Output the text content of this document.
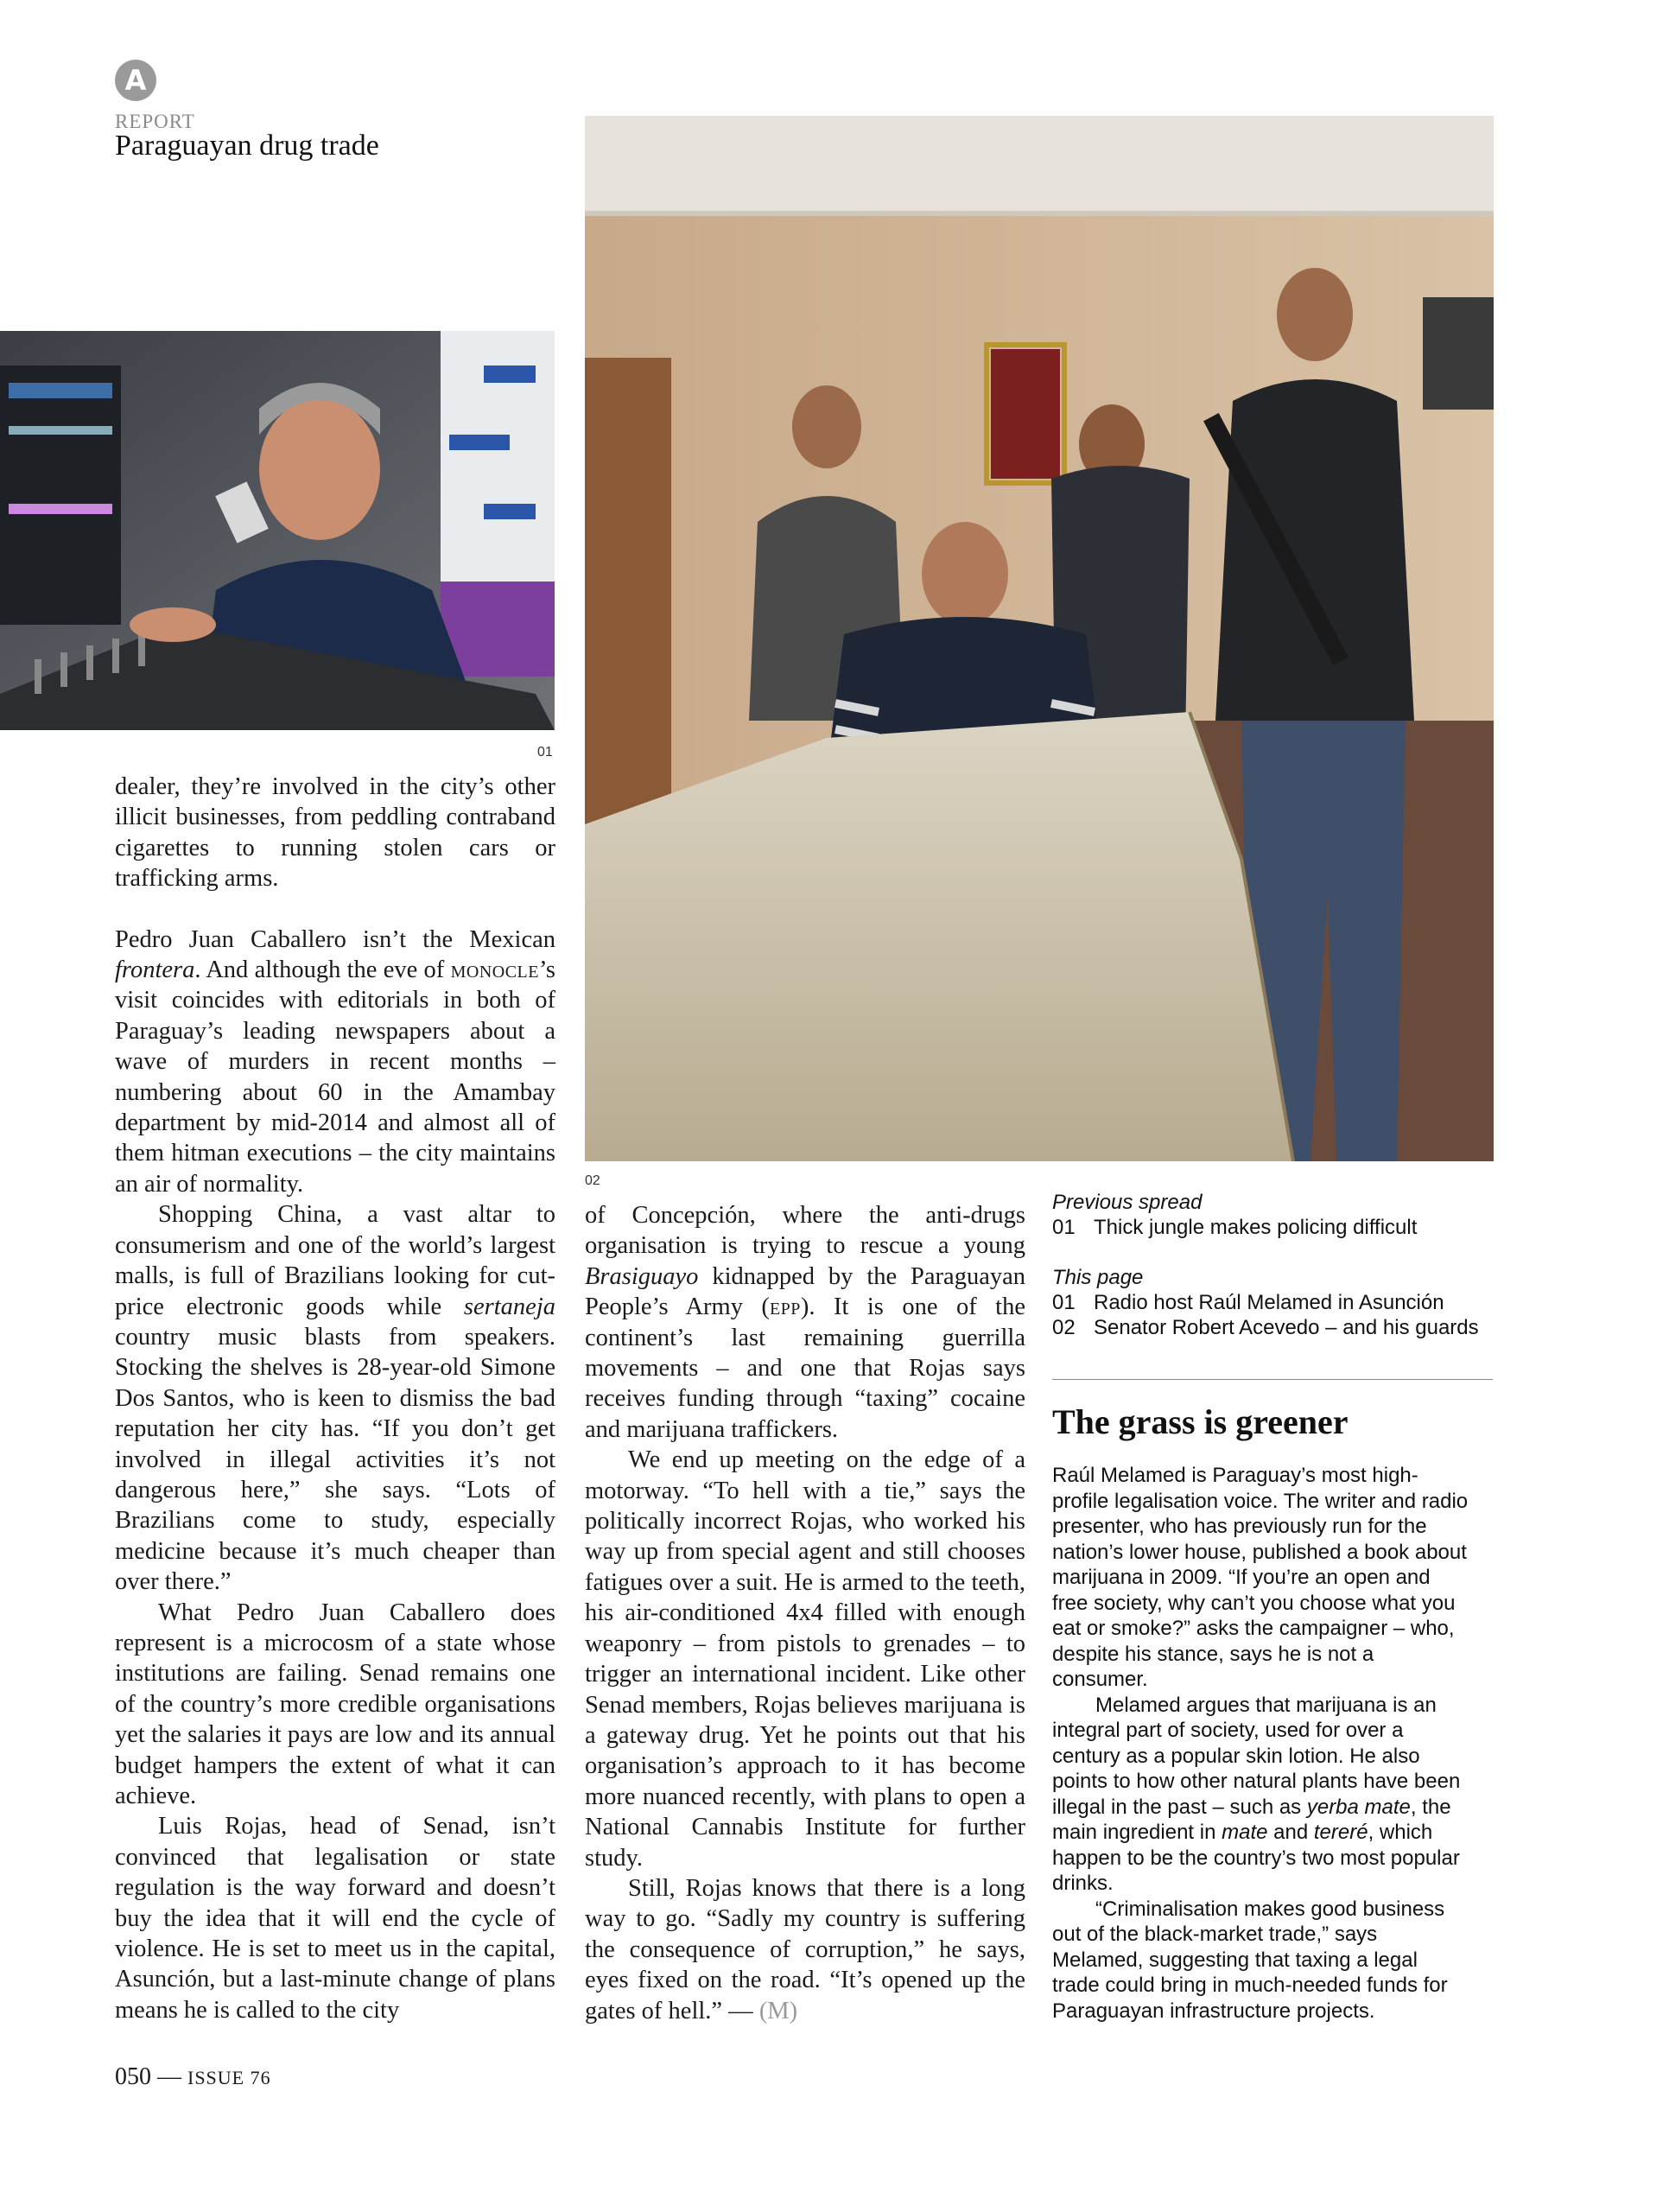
A
REPORT
Paraguayan drug trade
01
02

dealer, they’re involved in the city’s other illicit businesses, from peddling contraband cigarettes to running stolen cars or trafficking arms.

Pedro Juan Caballero isn’t the Mexican frontera. And although the eve of monocle’s visit coincides with editorials in both of Paraguay’s leading newspapers about a wave of murders in recent months – numbering about 60 in the Amambay department by mid-2014 and almost all of them hitman executions – the city maintains an air of normality.

Shopping China, a vast altar to consumerism and one of the world’s largest malls, is full of Brazilians looking for cut-price electronic goods while sertaneja country music blasts from speakers. Stocking the shelves is 28-year-old Simone Dos Santos, who is keen to dismiss the bad reputation her city has. “If you don’t get involved in illegal activities it’s not dangerous here,” she says. “Lots of Brazilians come to study, especially medicine because it’s much cheaper than over there.”

What Pedro Juan Caballero does represent is a microcosm of a state whose institutions are failing. Senad remains one of the country’s more credible organisations yet the salaries it pays are low and its annual budget hampers the extent of what it can achieve.

Luis Rojas, head of Senad, isn’t convinced that legalisation or state regulation is the way forward and doesn’t buy the idea that it will end the cycle of violence. He is set to meet us in the capital, Asunción, but a last-minute change of plans means he is called to the city

of Concepción, where the anti-drugs organisation is trying to rescue a young Brasiguayo kidnapped by the Paraguayan People’s Army (epp). It is one of the continent’s last remaining guerrilla movements – and one that Rojas says receives funding through “taxing” cocaine and marijuana traffickers.

We end up meeting on the edge of a motorway. “To hell with a tie,” says the politically incorrect Rojas, who worked his way up from special agent and still chooses fatigues over a suit. He is armed to the teeth, his air-conditioned 4x4 filled with enough weaponry – from pistols to grenades – to trigger an international incident. Like other Senad members, Rojas believes marijuana is a gateway drug. Yet he points out that his organisation’s approach to it has become more nuanced recently, with plans to open a National Cannabis Institute for further study.

Still, Rojas knows that there is a long way to go. “Sadly my country is suffering the consequence of corruption,” he says, eyes fixed on the road. “It’s opened up the gates of hell.” — (M)

Previous spread

01 Thick jungle makes policing difficult

This page

01 Radio host Raúl Melamed in Asunción

02 Senator Robert Acevedo – and his guards

The grass is greener

Raúl Melamed is Paraguay’s most high-profile legalisation voice. The writer and radio presenter, who has previously run for the nation’s lower house, published a book about marijuana in 2009. “If you’re an open and free society, why can’t you choose what you eat or smoke?” asks the campaigner – who, despite his stance, says he is not a consumer.

Melamed argues that marijuana is an integral part of society, used for over a century as a popular skin lotion. He also points to how other natural plants have been illegal in the past – such as yerba mate, the main ingredient in mate and tereré, which happen to be the country’s two most popular drinks.

“Criminalisation makes good business out of the black-market trade,” says Melamed, suggesting that taxing a legal trade could bring in much-needed funds for Paraguayan infrastructure projects.

050 — ISSUE 76
